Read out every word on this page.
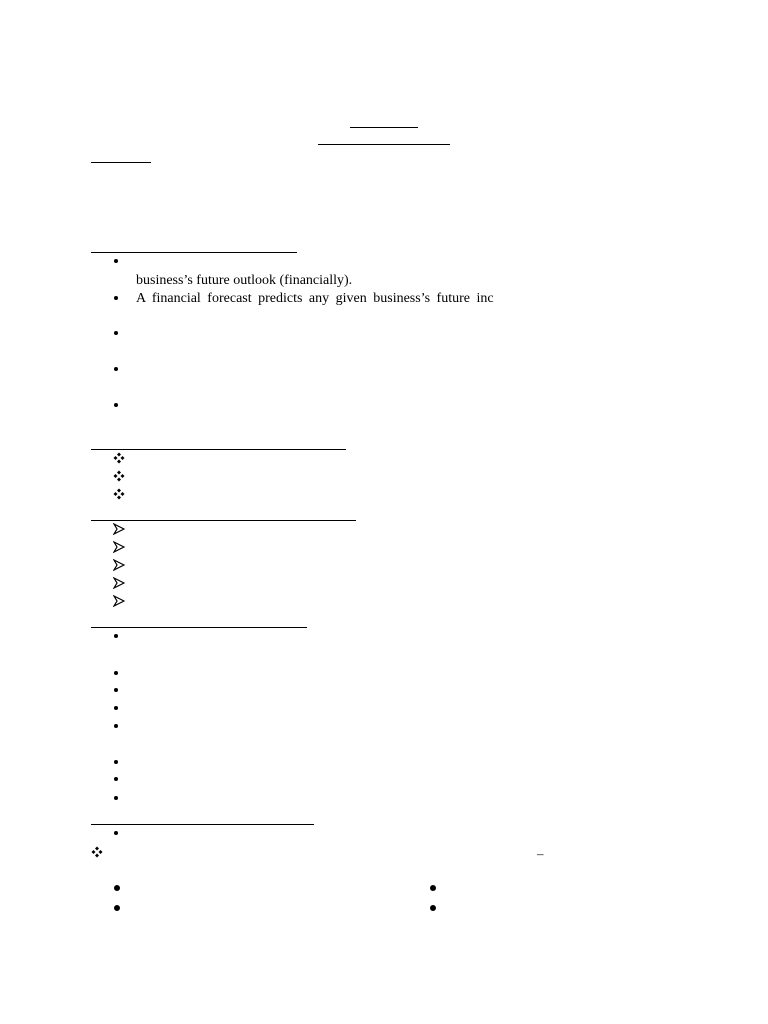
business’s future outlook (financially).
A financial forecast predicts any given business’s future inc
–
